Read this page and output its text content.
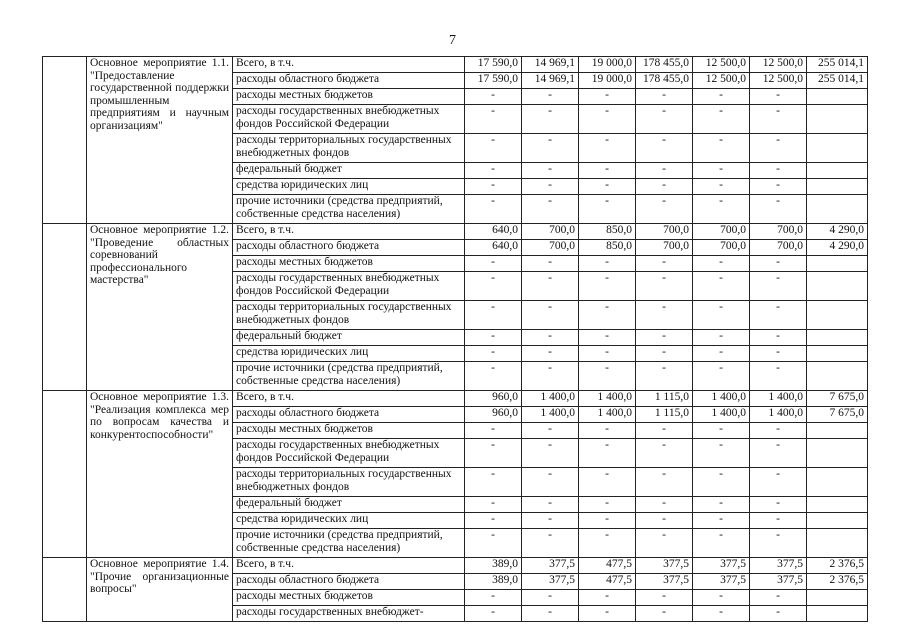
7
	Основное мероприятие 1.1. "Предоставление государственной поддержки промышленным предприятиям и научным организациям"	Всего, в т.ч.	17 590,0	14 969,1	19 000,0	178 455,0	12 500,0	12 500,0	255 014,1
		расходы областного бюджета	17 590,0	14 969,1	19 000,0	178 455,0	12 500,0	12 500,0	255 014,1
		расходы местных бюджетов	-	-	-	-	-	-	
		расходы государственных внебюджетных фондов Российской Федерации	-	-	-	-	-	-	
		расходы территориальных государственных внебюджетных фондов	-	-	-	-	-	-	
		федеральный бюджет	-	-	-	-	-	-	
		средства юридических лиц	-	-	-	-	-	-	
		прочие источники (средства предприятий, собственные средства населения)	-	-	-	-	-	-	
	Основное мероприятие 1.2. "Проведение областных соревнований профессионального мастерства"	Всего, в т.ч.	640,0	700,0	850,0	700,0	700,0	700,0	4 290,0
		расходы областного бюджета	640,0	700,0	850,0	700,0	700,0	700,0	4 290,0
		расходы местных бюджетов	-	-	-	-	-	-	
		расходы государственных внебюджетных фондов Российской Федерации	-	-	-	-	-	-	
		расходы территориальных государственных внебюджетных фондов	-	-	-	-	-	-	
		федеральный бюджет	-	-	-	-	-	-	
		средства юридических лиц	-	-	-	-	-	-	
		прочие источники (средства предприятий, собственные средства населения)	-	-	-	-	-	-	
	Основное мероприятие 1.3. "Реализация комплекса мер по вопросам качества и конкурентоспособности"	Всего, в т.ч.	960,0	1 400,0	1 400,0	1 115,0	1 400,0	1 400,0	7 675,0
		расходы областного бюджета	960,0	1 400,0	1 400,0	1 115,0	1 400,0	1 400,0	7 675,0
		расходы местных бюджетов	-	-	-	-	-	-	
		расходы государственных внебюджетных фондов Российской Федерации	-	-	-	-	-	-	
		расходы территориальных государственных внебюджетных фондов	-	-	-	-	-	-	
		федеральный бюджет	-	-	-	-	-	-	
		средства юридических лиц	-	-	-	-	-	-	
		прочие источники (средства предприятий, собственные средства населения)	-	-	-	-	-	-	
	Основное мероприятие 1.4. "Прочие организационные вопросы"	Всего, в т.ч.	389,0	377,5	477,5	377,5	377,5	377,5	2 376,5
		расходы областного бюджета	389,0	377,5	477,5	377,5	377,5	377,5	2 376,5
		расходы местных бюджетов	-	-	-	-	-	-	
		расходы государственных внебюджет-	-	-	-	-	-	-	
